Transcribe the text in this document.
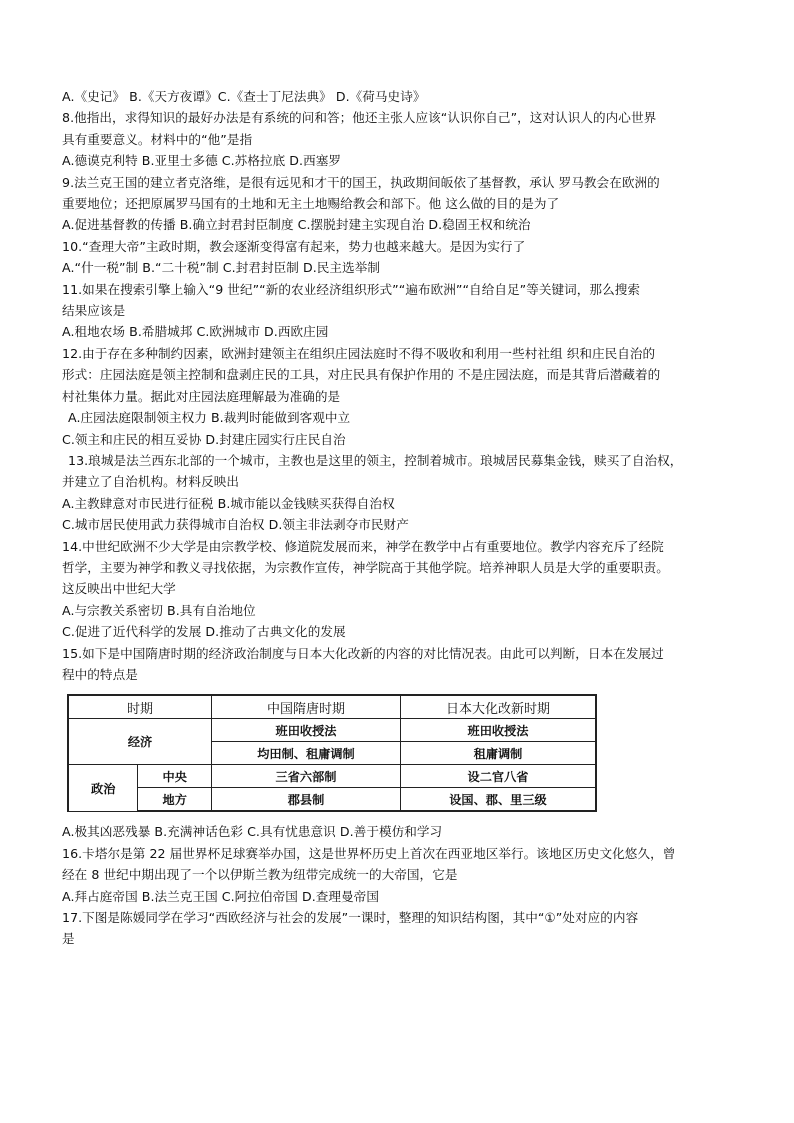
A.《史记》 B.《天方夜谭》C.《查士丁尼法典》 D.《荷马史诗》
8.他指出，求得知识的最好办法是有系统的问和答；他还主张人应该“认识你自己”，这对认识人的内心世界
具有重要意义。材料中的“他”是指
A.德谟克利特 B.亚里士多德 C.苏格拉底 D.西塞罗
9.法兰克王国的建立者克洛维，是很有远见和才干的国王，执政期间皈依了基督教，承认 罗马教会在欧洲的
重要地位；还把原属罗马国有的土地和无主土地赐给教会和部下。他 这么做的目的是为了
A.促进基督教的传播 B.确立封君封臣制度 C.摆脱封建主实现自治 D.稳固王权和统治
10.“查理大帝”主政时期，教会逐渐变得富有起来，势力也越来越大。是因为实行了
A.“什一税”制 B.“二十税”制 C.封君封臣制 D.民主选举制
11.如果在搜索引擎上输入“9 世纪”“新的农业经济组织形式”“遍布欧洲”“自给自足”等关键词，那么搜索
结果应该是
A.租地农场 B.希腊城邦 C.欧洲城市 D.西欧庄园
12.由于存在多种制约因素，欧洲封建领主在组织庄园法庭时不得不吸收和利用一些村社组 织和庄民自治的
形式：庄园法庭是领主控制和盘剥庄民的工具，对庄民具有保护作用的 不是庄园法庭，而是其背后潜藏着的
村社集体力量。据此对庄园法庭理解最为准确的是
A.庄园法庭限制领主权力 B.裁判时能做到客观中立
C.领主和庄民的相互妥协 D.封建庄园实行庄民自治
13.琅城是法兰西东北部的一个城市，主教也是这里的领主，控制着城市。琅城居民募集金钱，赎买了自治权，
并建立了自治机构。材料反映出
A.主教肆意对市民进行征税 B.城市能以金钱赎买获得自治权
C.城市居民使用武力获得城市自治权 D.领主非法剥夺市民财产
14.中世纪欧洲不少大学是由宗教学校、修道院发展而来，神学在教学中占有重要地位。教学内容充斥了经院
哲学，主要为神学和教义寻找依据，为宗教作宣传，神学院高于其他学院。培养神职人员是大学的重要职责。
这反映出中世纪大学
A.与宗教关系密切 B.具有自治地位
C.促进了近代科学的发展 D.推动了古典文化的发展
15.如下是中国隋唐时期的经济政治制度与日本大化改新的内容的对比情况表。由此可以判断，日本在发展过
程中的特点是
时期		中国隋唐时期	日本大化改新时期
经济		班田收授法	班田收授法
		均田制、租庸调制	租庸调制
政治	中央	三省六部制	设二官八省
	地方	郡县制	设国、郡、里三级
A.极其凶恶残暴 B.充满神话色彩 C.具有忧患意识 D.善于模仿和学习
16.卡塔尔是第 22 届世界杯足球赛举办国，这是世界杯历史上首次在西亚地区举行。该地区历史文化悠久，曾
经在 8 世纪中期出现了一个以伊斯兰教为纽带完成统一的大帝国，它是
A.拜占庭帝国 B.法兰克王国 C.阿拉伯帝国 D.查理曼帝国
17.下图是陈媛同学在学习“西欧经济与社会的发展”一课时，整理的知识结构图，其中“①”处对应的内容
是
